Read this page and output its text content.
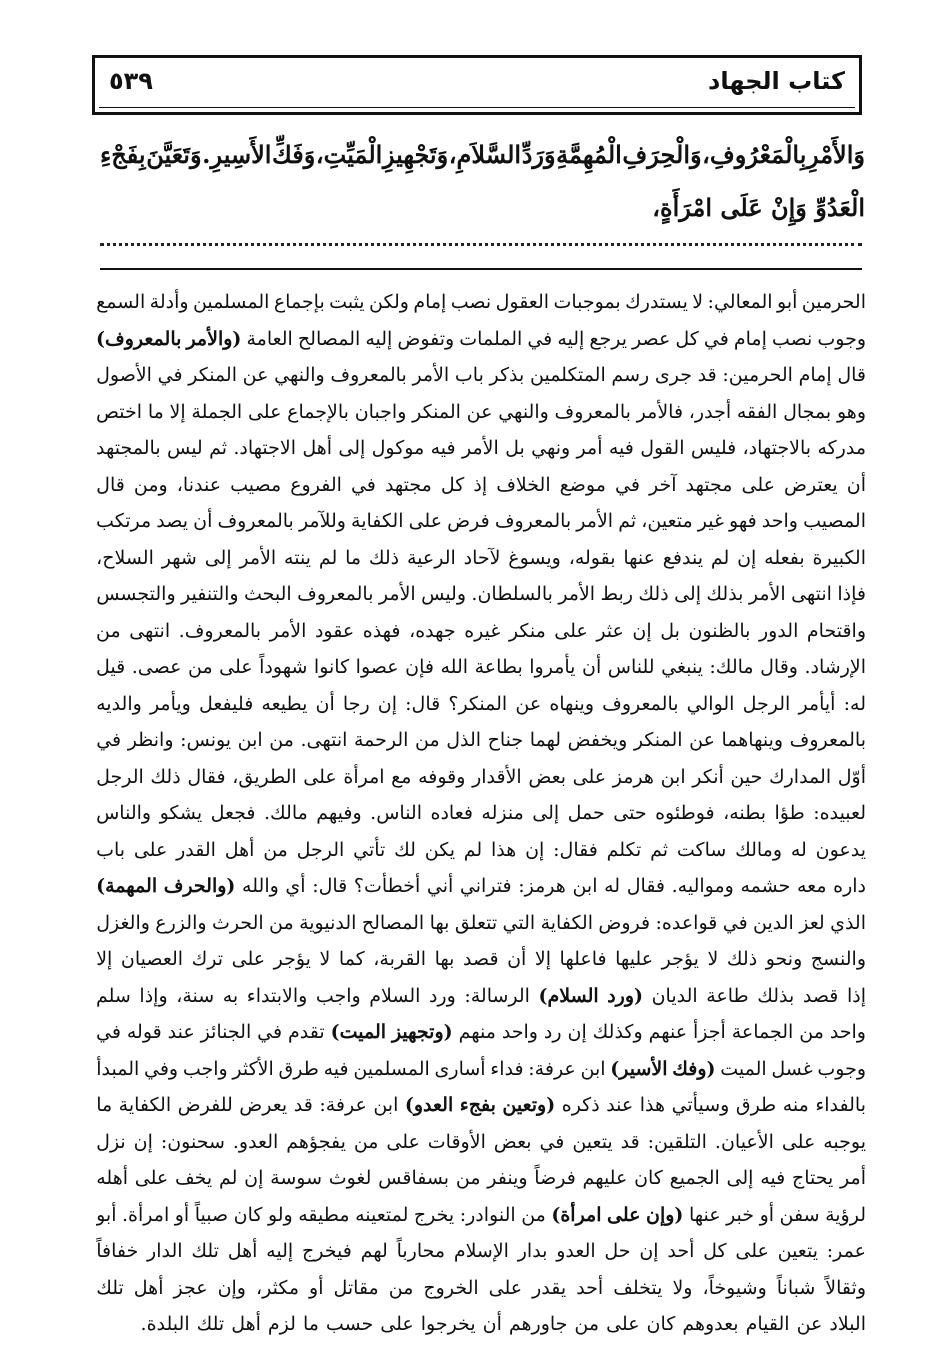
كتاب الجهاد
٥٣٩
وَالأَمْرِ
بِالْمَعْرُوفِ،
وَالْحِرَفِ
الْمُهِمَّةِ
وَرَدِّ
السَّلاَمِ،
وَتَجْهِيزِ
الْمَيِّتِ،
وَفَكِّ
الأَسِيرِ.
وَتَعَيَّنَ
بِفَجْءِ
الْعَدُوِّ وَإِنْ عَلَى امْرَأَةٍ،
الحرمين
أبو
المعالي:
لا
يستدرك
بموجبات
العقول
نصب
إمام
ولكن
يثبت
بإجماع
المسلمين
وأدلة
السمع
وجوب
نصب
إمام
في
كل
عصر
يرجع
إليه
في
الملمات
وتفوض
إليه
المصالح
العامة
(والأمر
بالمعروف)
قال
إمام
الحرمين:
قد
جرى
رسم
المتكلمين
بذكر
باب
الأمر
بالمعروف
والنهي
عن
المنكر
في
الأصول
وهو
بمجال
الفقه
أجدر،
فالأمر
بالمعروف
والنهي
عن
المنكر
واجبان
بالإجماع
على
الجملة
إلا
ما
اختص
مدركه
بالاجتهاد،
فليس
القول
فيه
أمر
ونهي
بل
الأمر
فيه
موكول
إلى
أهل
الاجتهاد.
ثم
ليس
بالمجتهد
أن
يعترض
على
مجتهد
آخر
في
موضع
الخلاف
إذ
كل
مجتهد
في
الفروع
مصيب
عندنا،
ومن
قال
المصيب
واحد
فهو
غير
متعين،
ثم
الأمر
بالمعروف
فرض
على
الكفاية
وللآمر
بالمعروف
أن
يصد
مرتكب
الكبيرة
بفعله
إن
لم
يندفع
عنها
بقوله،
ويسوغ
لآحاد
الرعية
ذلك
ما
لم
ينته
الأمر
إلى
شهر
السلاح،
فإذا
انتهى
الأمر
بذلك
إلى
ذلك
ربط
الأمر
بالسلطان.
وليس
الأمر
بالمعروف
البحث
والتنفير
والتجسس
واقتحام
الدور
بالظنون
بل
إن
عثر
على
منكر
غيره
جهده،
فهذه
عقود
الأمر
بالمعروف.
انتهى
من
الإرشاد.
وقال
مالك:
ينبغي
للناس
أن
يأمروا
بطاعة
الله
فإن
عصوا
كانوا
شهوداً
على
من
عصى.
قيل
له:
أيأمر
الرجل
الوالي
بالمعروف
وينهاه
عن
المنكر؟
قال:
إن
رجا
أن
يطيعه
فليفعل
ويأمر
والديه
بالمعروف
وينهاهما
عن
المنكر
ويخفض
لهما
جناح
الذل
من
الرحمة
انتهى.
من
ابن
يونس:
وانظر
في
أوّل
المدارك
حين
أنكر
ابن
هرمز
على
بعض
الأقدار
وقوفه
مع
امرأة
على
الطريق،
فقال
ذلك
الرجل
لعبيده:
طؤا
بطنه،
فوطئوه
حتى
حمل
إلى
منزله
فعاده
الناس.
وفيهم
مالك.
فجعل
يشكو
والناس
يدعون
له
ومالك
ساكت
ثم
تكلم
فقال:
إن
هذا
لم
يكن
لك
تأتي
الرجل
من
أهل
القدر
على
باب
داره
معه
حشمه
ومواليه.
فقال
له
ابن
هرمز:
فتراني
أني
أخطأت؟
قال:
أي
والله
(والحرف
المهمة)
الذي
لعز
الدين
في
قواعده:
فروض
الكفاية
التي
تتعلق
بها
المصالح
الدنيوية
من
الحرث
والزرع
والغزل
والنسج
ونحو
ذلك
لا
يؤجر
عليها
فاعلها
إلا
أن
قصد
بها
القربة،
كما
لا
يؤجر
على
ترك
العصيان
إلا
إذا
قصد
بذلك
طاعة
الديان
(ورد
السلام)
الرسالة:
ورد
السلام
واجب
والابتداء
به
سنة،
وإذا
سلم
واحد
من
الجماعة
أجزأ
عنهم
وكذلك
إن
رد
واحد
منهم
(وتجهيز
الميت)
تقدم
في
الجنائز
عند
قوله
في
وجوب
غسل
الميت
(وفك
الأسير)
ابن
عرفة:
فداء
أسارى
المسلمين
فيه
طرق
الأكثر
واجب
وفي
المبدأ
بالفداء
منه
طرق
وسيأتي
هذا
عند
ذكره
(وتعين
بفجء
العدو)
ابن
عرفة:
قد
يعرض
للفرض
الكفاية
ما
يوجبه
على
الأعيان.
التلقين:
قد
يتعين
في
بعض
الأوقات
على
من
يفجؤهم
العدو.
سحنون:
إن
نزل
أمر
يحتاج
فيه
إلى
الجميع
كان
عليهم
فرضاً
وينفر
من
بسفاقس
لغوث
سوسة
إن
لم
يخف
على
أهله
لرؤية
سفن
أو
خبر
عنها
(وإن
على
امرأة)
من
النوادر:
يخرج
لمتعينه
مطيقه
ولو
كان
صبياً
أو
امرأة.
أبو
عمر:
يتعين
على
كل
أحد
إن
حل
العدو
بدار
الإسلام
محارباً
لهم
فيخرج
إليه
أهل
تلك
الدار
خفافاً
وثقالاً
شباناً
وشيوخاً،
ولا
يتخلف
أحد
يقدر
على
الخروج
من
مقاتل
أو
مكثر،
وإن
عجز
أهل
تلك
البلاد
عن
القيام
بعدوهم
كان
على
من
جاورهم
أن
يخرجوا
على
حسب
ما
لزم
أهل
تلك
البلدة.
